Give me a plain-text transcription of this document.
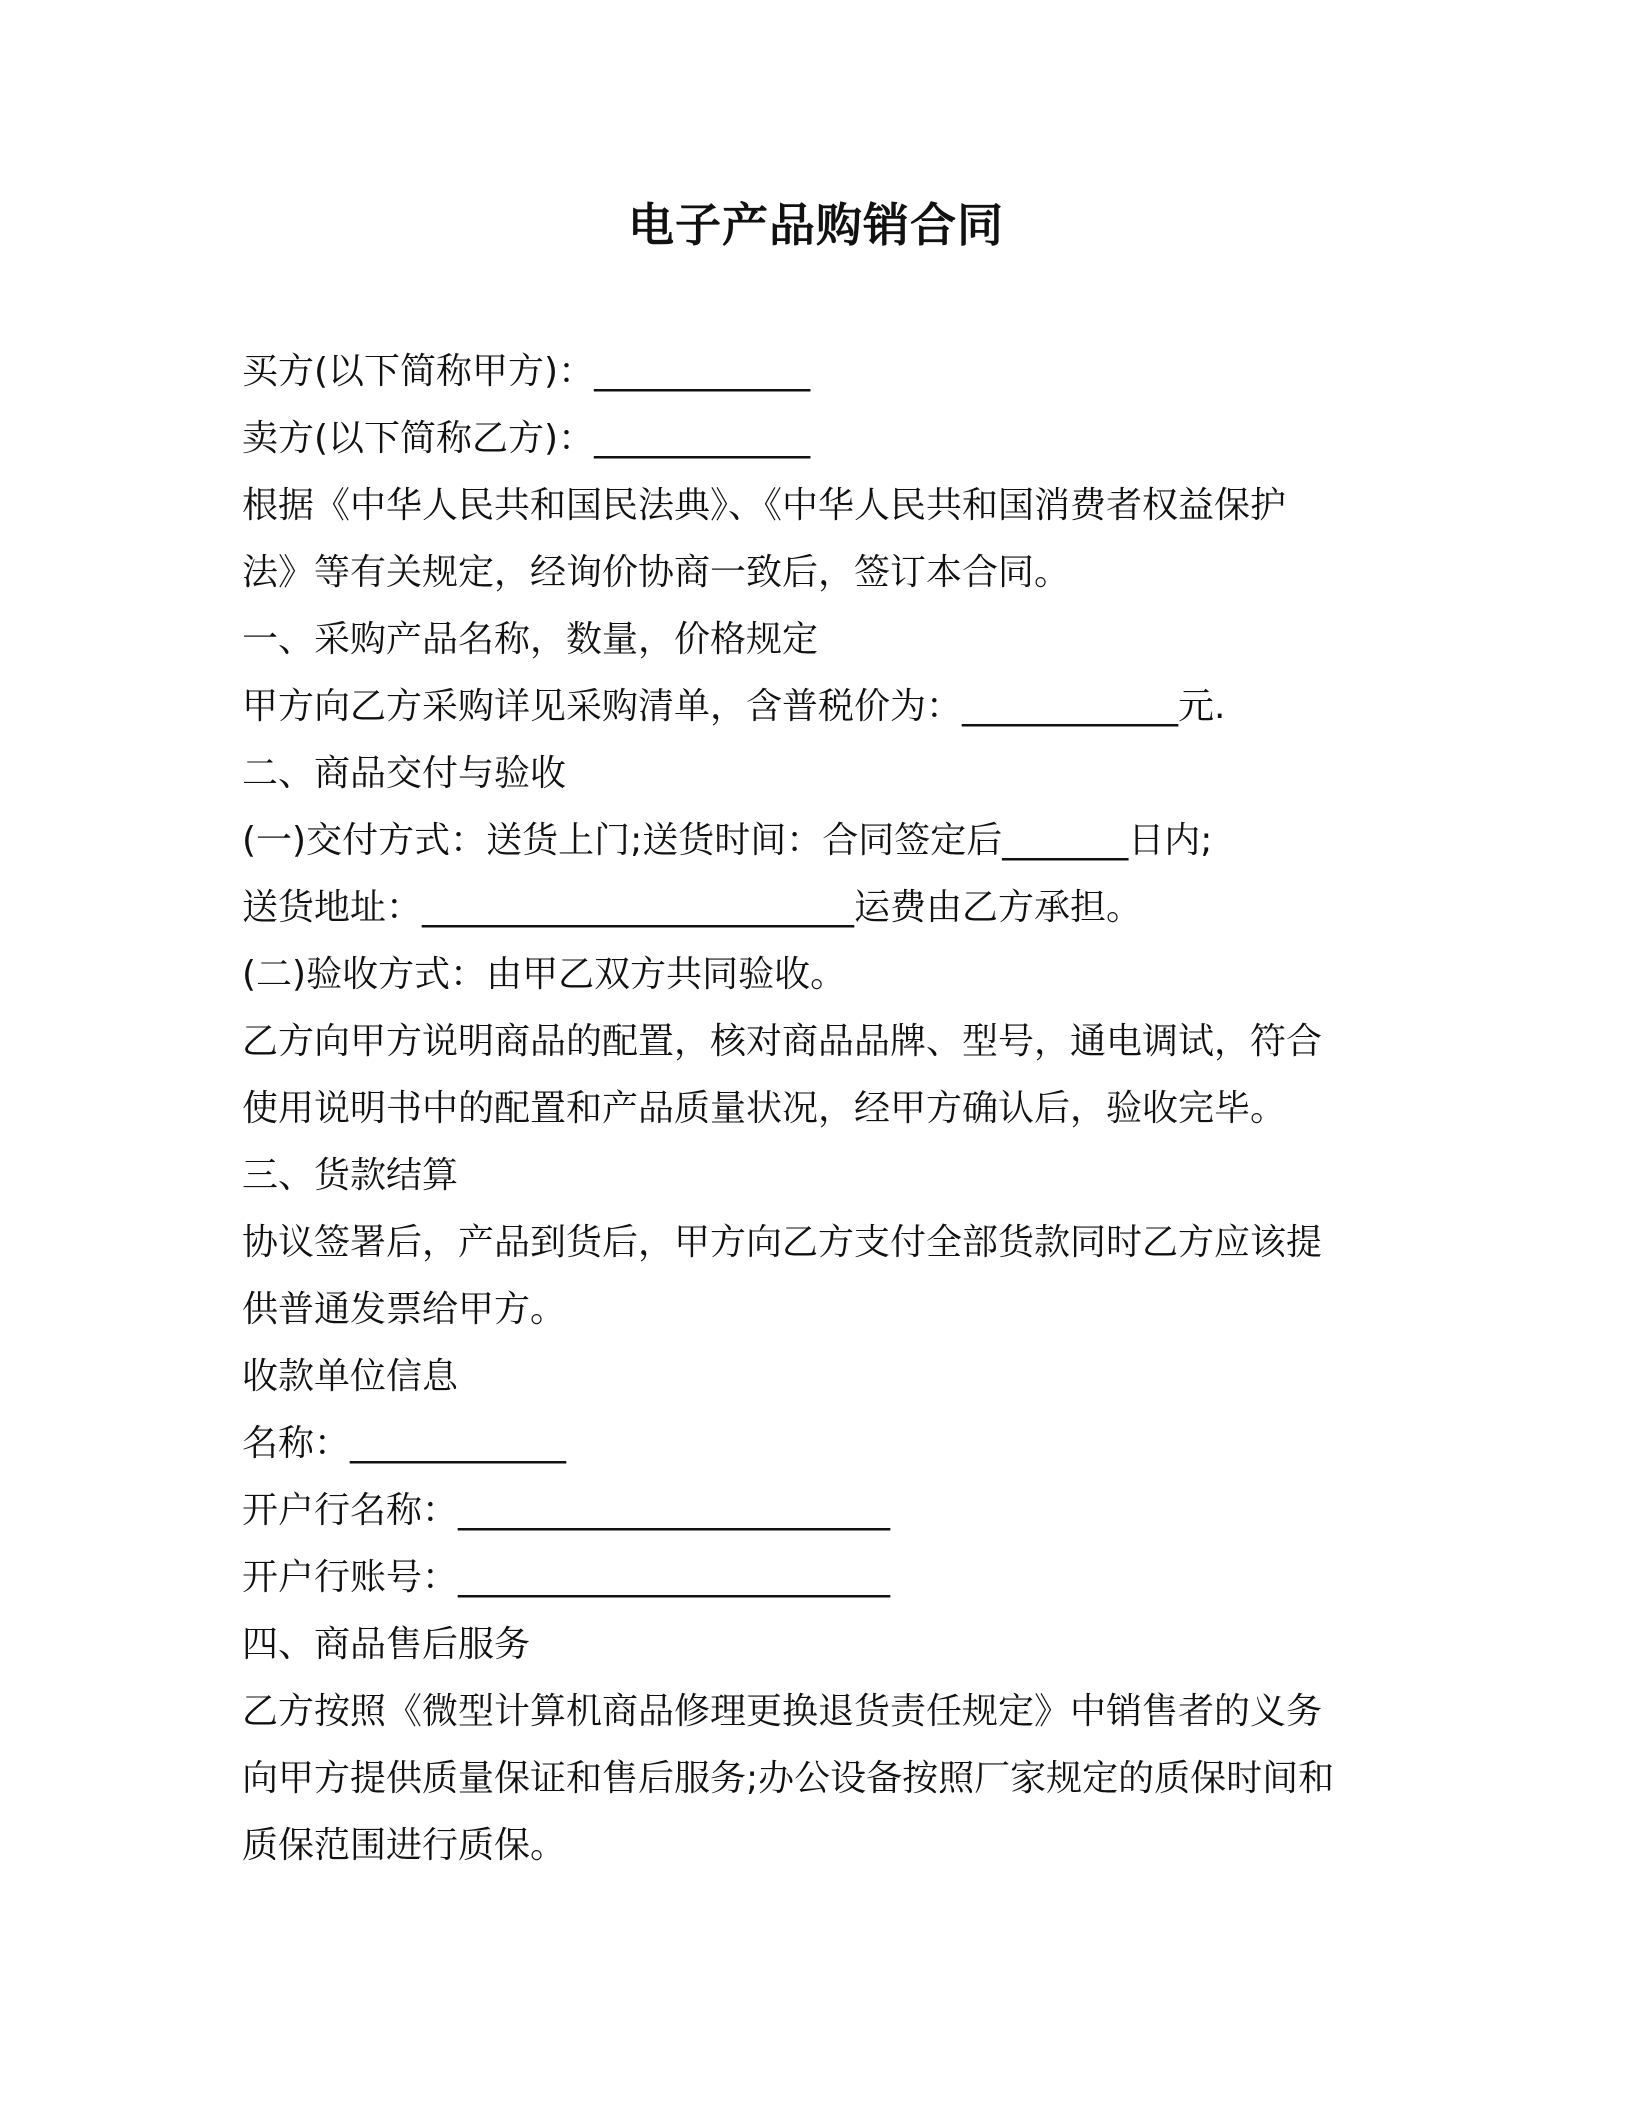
电子产品购销合同
买方(以下简称甲方)：____________
卖方(以下简称乙方)：____________
根据《中华人民共和国民法典》、《中华人民共和国消费者权益保护
法》等有关规定，经询价协商一致后，签订本合同。
一、采购产品名称，数量，价格规定
甲方向乙方采购详见采购清单，含普税价为：____________元.
二、商品交付与验收
(一)交付方式：送货上门;送货时间：合同签定后_______日内;
送货地址：________________________运费由乙方承担。
(二)验收方式：由甲乙双方共同验收。
乙方向甲方说明商品的配置，核对商品品牌、型号，通电调试，符合
使用说明书中的配置和产品质量状况，经甲方确认后，验收完毕。
三、货款结算
协议签署后，产品到货后，甲方向乙方支付全部货款同时乙方应该提
供普通发票给甲方。
收款单位信息
名称：____________
开户行名称：________________________
开户行账号：________________________
四、商品售后服务
乙方按照《微型计算机商品修理更换退货责任规定》中销售者的义务
向甲方提供质量保证和售后服务;办公设备按照厂家规定的质保时间和
质保范围进行质保。
